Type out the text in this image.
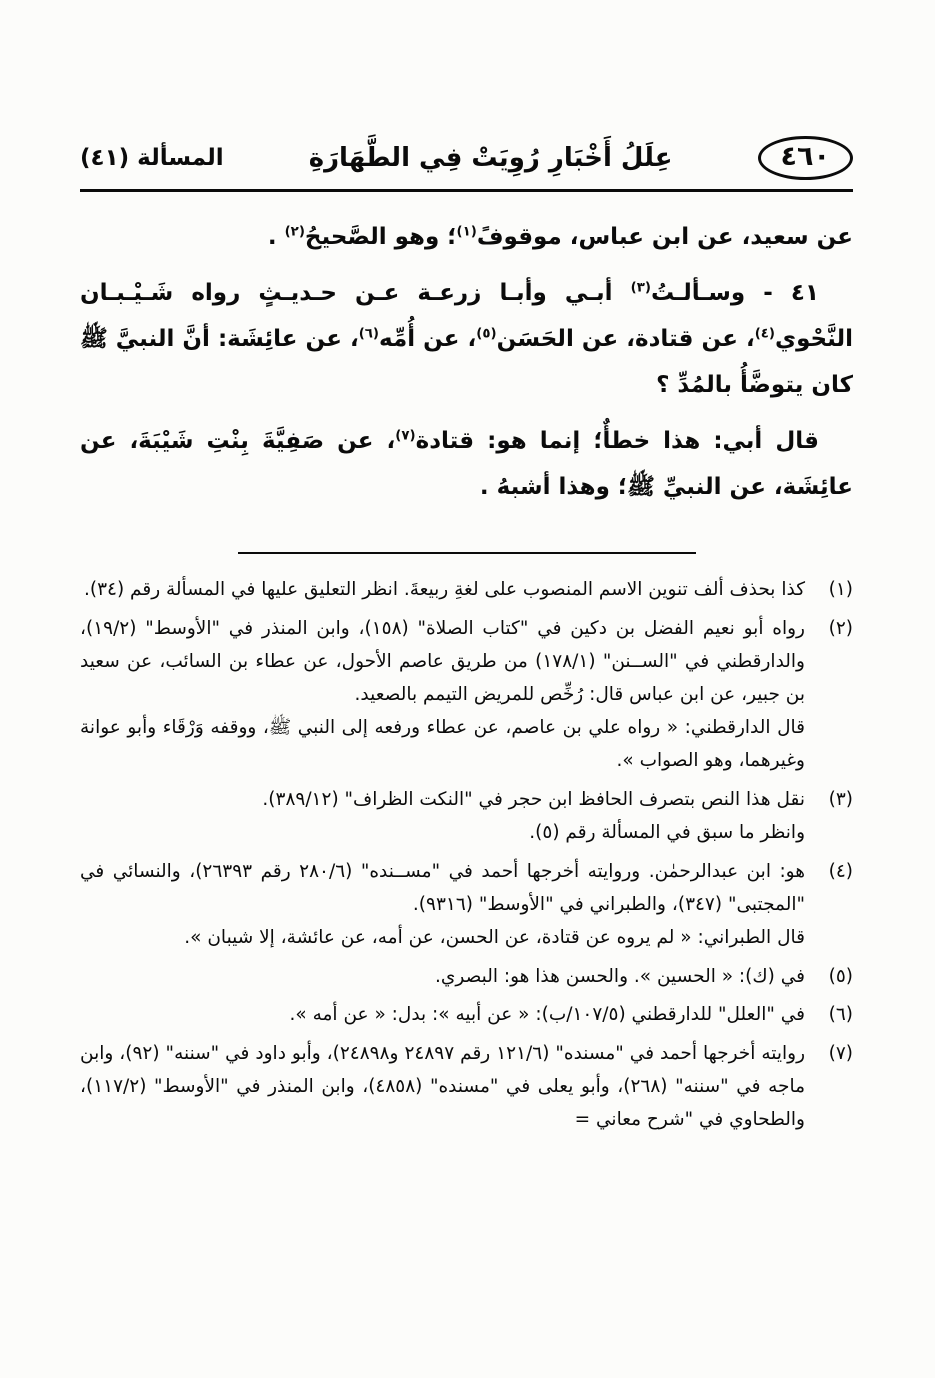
٤٦٠
عِلَلُ أَخْبَارِ رُوِيَتْ فِي الطَّهَارَةِ
المسألة (٤١)

عن سعيد، عن ابن عباس، موقوفً$^{(١)}$؛ وهو الصَّحيحُ$^{(٢)}$ .

٤١ - وسـألـتُ$^{(٣)}$ أبـي وأبـا زرعـة عـن حـديـثٍ رواه شَـيْـبـان النَّحْوي$^{(٤)}$، عن قتادة، عن الحَسَن$^{(٥)}$، عن أُمِّه$^{(٦)}$، عن عائِشَة: أنَّ النبيَّ ﷺ كان يتوضَّأُ بالمُدِّ ؟

قال أبي: هذا خطأٌ؛ إنما هو: قتادة$^{(٧)}$، عن صَفِيَّةَ بِنْتِ شَيْبَةَ، عن عائِشَة، عن النبيِّ ﷺ؛ وهذا أشبهُ .

(١)

كذا بحذف ألف تنوين الاسم المنصوب على لغةِ ربيعةَ. انظر التعليق عليها في المسألة رقم (٣٤).

(٢)

رواه أبو نعيم الفضل بن دكين في "كتاب الصلاة" (١٥٨)، وابن المنذر في "الأوسط" (١٩/٢)، والدارقطني في "الســنن" (١٧٨/١) من طريق عاصم الأحول، عن عطاء بن السائب، عن سعيد بن جبير، عن ابن عباس قال: رُخِّص للمريض التيمم بالصعيد.

قال الدارقطني: « رواه علي بن عاصم، عن عطاء ورفعه إلى النبي ﷺ، ووقفه وَرْقَاء وأبو عوانة وغيرهما، وهو الصواب ».

(٣)

نقل هذا النص بتصرف الحافظ ابن حجر في "النكت الظراف" (٣٨٩/١٢).

وانظر ما سبق في المسألة رقم (٥).

(٤)

هو: ابن عبدالرحمٰن. وروايته أخرجها أحمد في "مســنده" (٢٨٠/٦ رقم ٢٦٣٩٣)، والنسائي في "المجتبى" (٣٤٧)، والطبراني في "الأوسط" (٩٣١٦).

قال الطبراني: « لم يروه عن قتادة، عن الحسن، عن أمه، عن عائشة، إلا شيبان ».

(٥)

في (ك): « الحسين ». والحسن هذا هو: البصري.

(٦)

في "العلل" للدارقطني (١٠٧/٥/ب): « عن أبيه »: بدل: « عن أمه ».

(٧)

روايته أخرجها أحمد في "مسنده" (١٢١/٦ رقم ٢٤٨٩٧ و٢٤٨٩٨)، وأبو داود في "سننه" (٩٢)، وابن ماجه في "سننه" (٢٦٨)، وأبو يعلى في "مسنده" (٤٨٥٨)، وابن المنذر في "الأوسط" (١١٧/٢)، والطحاوي في "شرح معاني =
